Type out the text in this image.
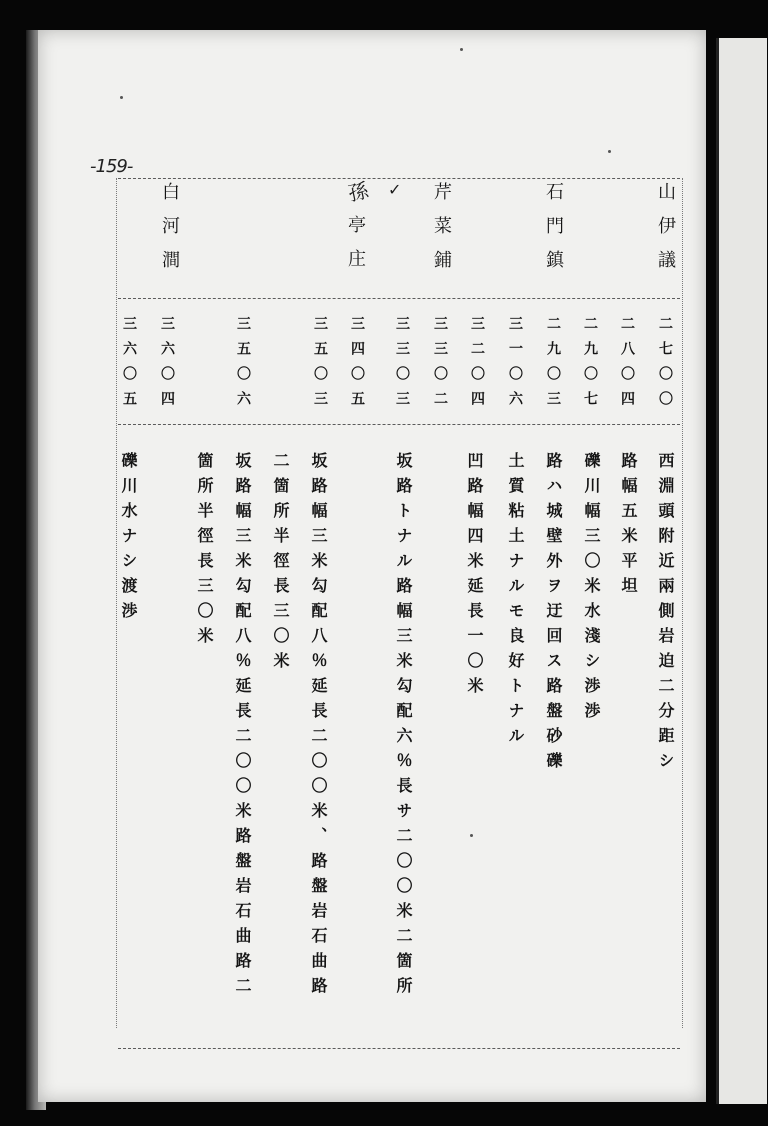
-159-
孫 ✓	山伊議
石門鎮
芹菜鋪
亭庄
白河澗
二七〇〇
二八〇四
二九〇七
二九〇三
三一〇六
三二〇四
三三〇二
三三〇三
三四〇五
三五〇三
三五〇六
三六〇四
三六〇五
西淵頭附近兩側岩迫二分距シ
路幅五米平坦
礫川幅三〇米水淺シ渉渉
路ハ城壁外ヲ迂回ス路盤砂礫
土質粘土ナルモ良好トナル
凹路幅四米延長一〇米
坂路トナル路幅三米勾配六％長サ二〇〇米二箇所
坂路幅三米勾配八％延長二〇〇米、路盤岩石曲路
二箇所半徑長三〇米
坂路幅三米勾配八％延長二〇〇米路盤岩石曲路二
箇所半徑長三〇米
礫川水ナシ渡渉
